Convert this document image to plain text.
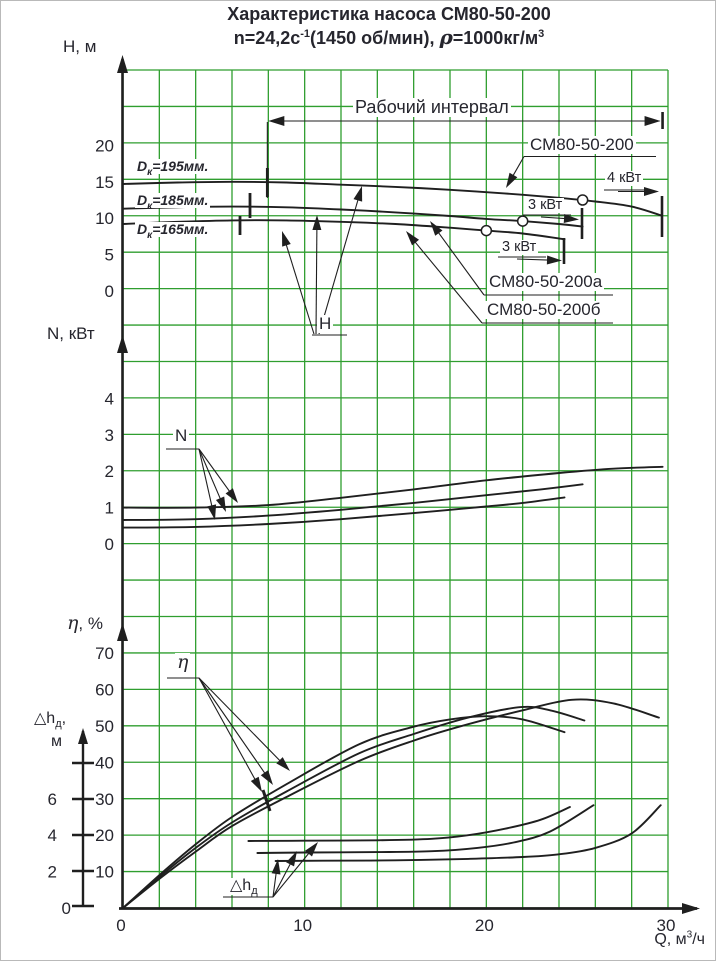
20
15
10
5
0
4
3
2
1
0
70
60
50
40
30
20
10
6
4
2
0
0	10	20	30
Характеристика насоса СМ80-50-200
$n=24,2с^{-1}(1450$ об/мин), $\rho=1000кг/м^3$
H, м
N, кВт
η, %
$\triangle h_д$,
м
Q, $м^3/ч$
Рабочий интервал
СМ80-50-200
СМ80-50-200а
СМ80-50-200б
$D_к=195мм$.
$D_к=185мм$.
$D_к=165мм$.
4 кВт
3 кВт
3 кВт
H
N
η
$\triangle h_д$
